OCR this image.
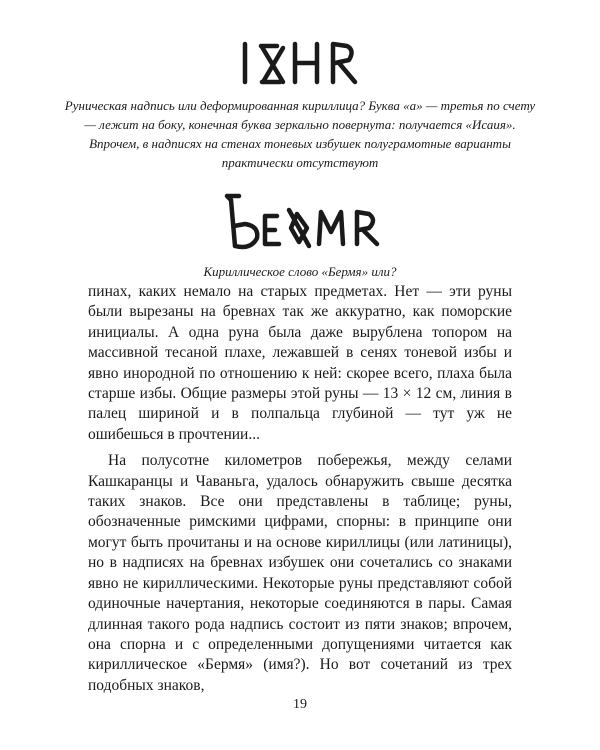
Руническая надпись или деформированная кириллица? Буква «а» — третья по счету — лежит на боку, конечная буква зеркально повернута: получается «Исаия». Впрочем, в надписях на стенах тоневых избушек полуграмотные варианты практически отсутствуют
Кириллическое слово «Бермя» или?

пинах, каких немало на старых предметах. Нет — эти руны были вырезаны на бревнах так же аккуратно, как поморские инициалы. А одна руна была даже вырублена топором на массивной тесаной плахе, лежавшей в сенях тоневой избы и явно инородной по отношению к ней: скорее всего, плаха была старше избы. Общие размеры этой руны — 13 × 12 см, линия в палец шириной и в полпальца глубиной — тут уж не ошибешься в прочтении...

На полусотне километров побережья, между селами Кашкаранцы и Чаваньга, удалось обнаружить свыше десятка таких знаков. Все они представлены в таблице; руны, обозначенные римскими цифрами, спорны: в принципе они могут быть прочитаны и на основе кириллицы (или латиницы), но в надписях на бревнах избушек они сочетались со знаками явно не кириллическими. Некоторые руны представляют собой одиночные начертания, некоторые соединяются в пары. Самая длинная такого рода надпись состоит из пяти знаков; впрочем, она спорна и с определенными допущениями читается как кириллическое «Бермя» (имя?). Но вот сочетаний из трех подобных знаков,

19
